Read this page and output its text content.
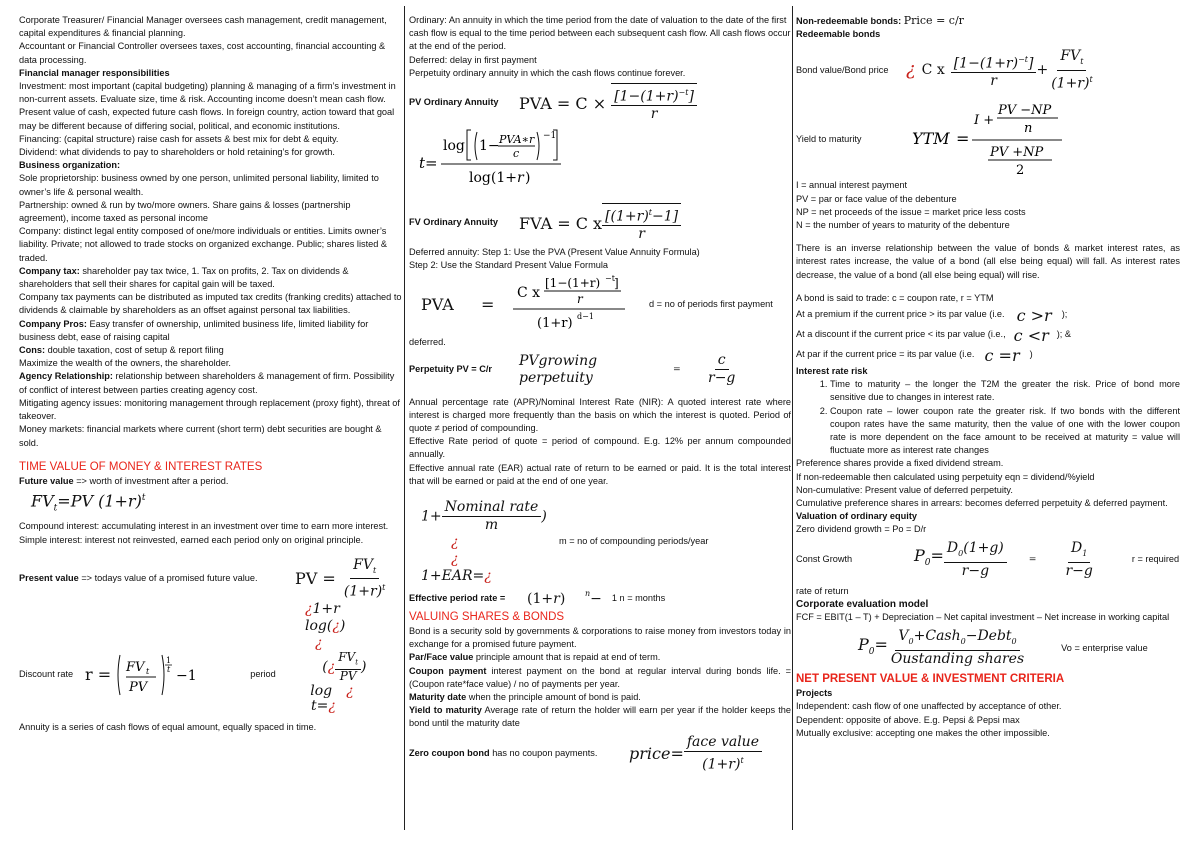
Corporate Treasurer/ Financial Manager oversees cash management, credit management, capital expenditures & financial planning.

Accountant or Financial Controller oversees taxes, cost accounting, financial accounting & data processing.

Financial manager responsibilities

Investment: most important (capital budgeting) planning & managing of a firm’s investment in non-current assets. Evaluate size, time & risk. Accounting income doesn’t mean cash flow. Present value of cash, expected future cash flows. In foreign country, action toward that goal may be different because of differing social, political, and economic institutions.

Financing: (capital structure) raise cash for assets & best mix for debt & equity.

Dividend: what dividends to pay to shareholders or hold retaining’s for growth.

Business organization:

Sole proprietorship: business owned by one person, unlimited personal liability, limited to owner’s life & personal wealth.

Partnership: owned & run by two/more owners. Share gains & losses (partnership agreement), income taxed as personal income

Company: distinct legal entity composed of one/more individuals or entities. Limits owner’s liability. Private; not allowed to trade stocks on organized exchange. Public; shares listed & traded.

Company tax: shareholder pay tax twice, 1. Tax on profits, 2. Tax on dividends & shareholders that sell their shares for capital gain will be taxed.

Company tax payments can be distributed as imputed tax credits (franking credits) attached to dividends & claimable by shareholders as an offset against personal tax liabilities.

Company Pros: Easy transfer of ownership, unlimited business life, limited liability for business debt, ease of raising capital

Cons: double taxation, cost of setup & report filing

Maximize the wealth of the owners, the shareholder.

Agency Relationship: relationship between shareholders & management of firm. Possibility of conflict of interest between parties creating agency cost.

Mitigating agency issues: monitoring management through replacement (proxy fight), threat of takeover.

Money markets: financial markets where current (short term) debt securities are bought & sold.

TIME VALUE OF MONEY & INTEREST RATES

Future value => worth of investment after a period.

$FV_t=PV$ $(1+r)^t$

Compound interest: accumulating interest in an investment over time to earn more interest.

Simple interest: interest not reinvested, earned each period only on original principle.

Present value => todays value of a promised future value.	PV = $\frac{FV_t}{(1+r)^t}$
¿1+r
log(¿)
¿
Discount rate r = FV t
PV
1
t −1	period	(¿ $\frac{FV_t}{PV}$ )
log ¿
t=¿

Annuity is a series of cash flows of equal amount, equally spaced in time.

Ordinary: An annuity in which the time period from the date of valuation to the date of the first cash flow is equal to the time period between each subsequent cash flow. All cash flows occur at the end of the period.

Deferred: delay in first payment

Perpetuity ordinary annuity in which the cash flows continue forever.

PV Ordinary Annuity	PVA = $C \times \frac{[1-(1+r)^{-t}]}{r}$
t=
log 1− PVA∗r
c
−1
log(1+ r )
FV Ordinary Annuity	FVA = C x $\frac{[(1+r)^t-1]}{r}$

Deferred annuity: Step 1: Use the PVA (Present Value Annuity Formula)

Step 2: Use the Standard Present Value Formula

PVA	=
C x
[1−(1+r) −t ]
r
(1+r) d−1
d = no of periods first payment

deferred.

Perpetuity PV = C/r
PVgrowing perpetuity
=	$\frac{c}{r-g}$

Annual percentage rate (APR)/Nominal Interest Rate (NIR): A quoted interest rate where interest is charged more frequently than the basis on which the interest is quoted. Period of quote ≠ period of compounding.

Effective Rate period of quote = period of compound. E.g. 12% per annum compounded annually.

Effective annual rate (EAR) actual rate of return to be earned or paid. It is the total interest that will be earned or paid at the end of one year.

$1+ \frac{\text{Nominal rate}}{m}$ )
¿
¿
1+EAR=¿
m = no of compounding periods/year
Effective period rate =	(1+r)	n − 1 n = months

VALUING SHARES & BONDS

Bond is a security sold by governments & corporations to raise money from investors today in exchange for a promised future payment.

Par/Face value principle amount that is repaid at end of term.

Coupon payment interest payment on the bond at regular interval during bonds life. = (Coupon rate*face value) / no of payments per year.

Maturity date when the principle amount of bond is paid.

Yield to maturity Average rate of return the holder will earn per year if the holder keeps the bond until the maturity date

Zero coupon bond has no coupon payments.	price= $\frac{\text{face value}}{(1+r)^t}$

Non-redeemable bonds: Price = c/r

Redeemable bonds

Bond value/Bond price ¿ C x $\frac{[1-(1+r)^{-t}]}{r} + \frac{FV_t}{(1+r)^t}$
Yield to maturity	YTM =
I +
PV −NP
n
PV +NP
2

I = annual interest payment

PV = par or face value of the debenture

NP = net proceeds of the issue = market price less costs

N = the number of years to maturity of the debenture

There is an inverse relationship between the value of bonds & market interest rates, as interest rates increase, the value of a bond (all else being equal) will fall. As interest rates decrease, the value of a bond (all else being equal) will rise.

A bond is said to trade: c = coupon rate, r = YTM

At a premium if the current price > its par value (i.e. c >r );
At a discount if the current price < its par value (i.e., c <r ); &
At par if the current price = its par value (i.e. c =r )

Interest rate risk

1. Time to maturity – the longer the T2M the greater the risk. Price of bond more sensitive due to changes in interest rate.
2. Coupon rate – lower coupon rate the greater risk. If two bonds with the different coupon rates have the same maturity, then the value of one with the lower coupon rate is more dependent on the face amount to be received at maturity = value will fluctuate more as interest rate changes

Preference shares provide a fixed dividend stream.

If non-redeemable then calculated using perpetuity eqn = dividend/%yield

Non-cumulative: Present value of deferred perpetuity.

Cumulative preference shares in arrears: becomes deferred perpetuity & deferred payment.

Valuation of ordinary equity

Zero dividend growth = Po = D/r

Const Growth	$P_0= \frac{D_0(1+g)}{r-g} = \frac{D_1}{r-g}$	r = required

rate of return

Corporate evaluation model

FCF = EBIT(1 – T) + Depreciation – Net capital investment – Net increase in working capital

$P_0= \frac{V_0+Cash_0-Debt_0}{\text{Oustanding shares}}$	Vo = enterprise value

NET PRESENT VALUE & INVESTMENT CRITERIA

Projects

Independent: cash flow of one unaffected by acceptance of other.

Dependent: opposite of above. E.g. Pepsi & Pepsi max

Mutually exclusive: accepting one makes the other impossible.
